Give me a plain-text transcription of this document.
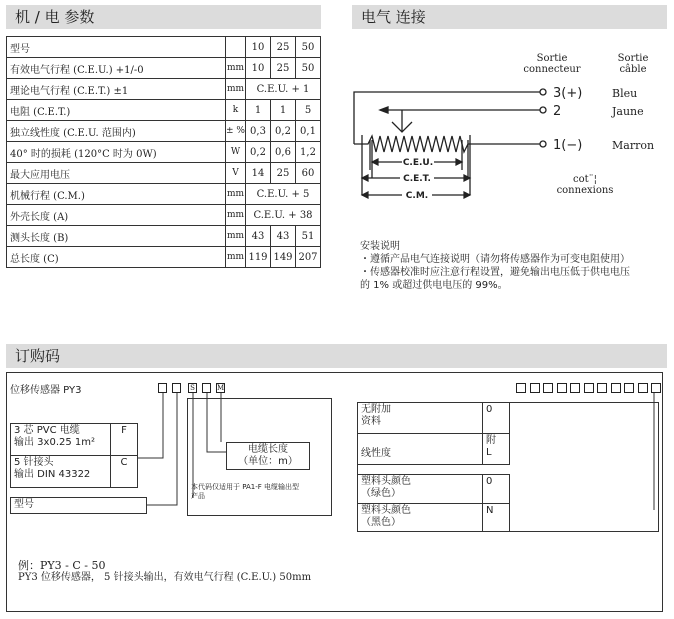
机 / 电 参数	电气 连接
订购码
型号		10	25	50
有效电气行程 (C.E.U.) +1/-0	mm	10	25	50
理论电气行程 (C.E.T.) ±1	mm	C.E.U. + 1		
电阻 (C.E.T.)	k	1	1	5
独立线性度 (C.E.U. 范围内)	± %	0,3	0,2	0,1
40° 时的损耗 (120°C 时为 0W)	W	0,2	0,6	1,2
最大应用电压	V	14	25	60
机械行程 (C.M.)	mm	C.E.U. + 5		
外壳长度 (A)	mm	C.E.U. + 38		
测头长度 (B)	mm	43	43	51
总长度 (C)	mm	119	149	207
Sortie
connecteur
Sortie
câble
3(+)
2
1(−)
Bleu
Jaune
Marron
cot¨¦
connexions
C.E.U.
C.E.T.
C.M.
安装说明
・遵循产品电气连接说明（请勿将传感器作为可变电阻使用）
・传感器校准时应注意行程设置，避免输出电压低于供电电压
的 1% 或超过供电电压的 99%。
位移传感器 PY3	S	M
3 芯 PVC 电缆
输出 3x0.25 1m²
F
5 针接头
输出 DIN 43322
C
型号
电缆长度
（单位：m）
本代码仅适用于 PA1-F 电缆输出型
产品
无附加
资料
0
线性度
附
L
塑料头颜色
（绿色）
0
塑料头颜色
（黑色）
N
例：PY3 - C - 50
PY3 位移传感器， 5 针接头输出，有效电气行程 (C.E.U.) 50mm
